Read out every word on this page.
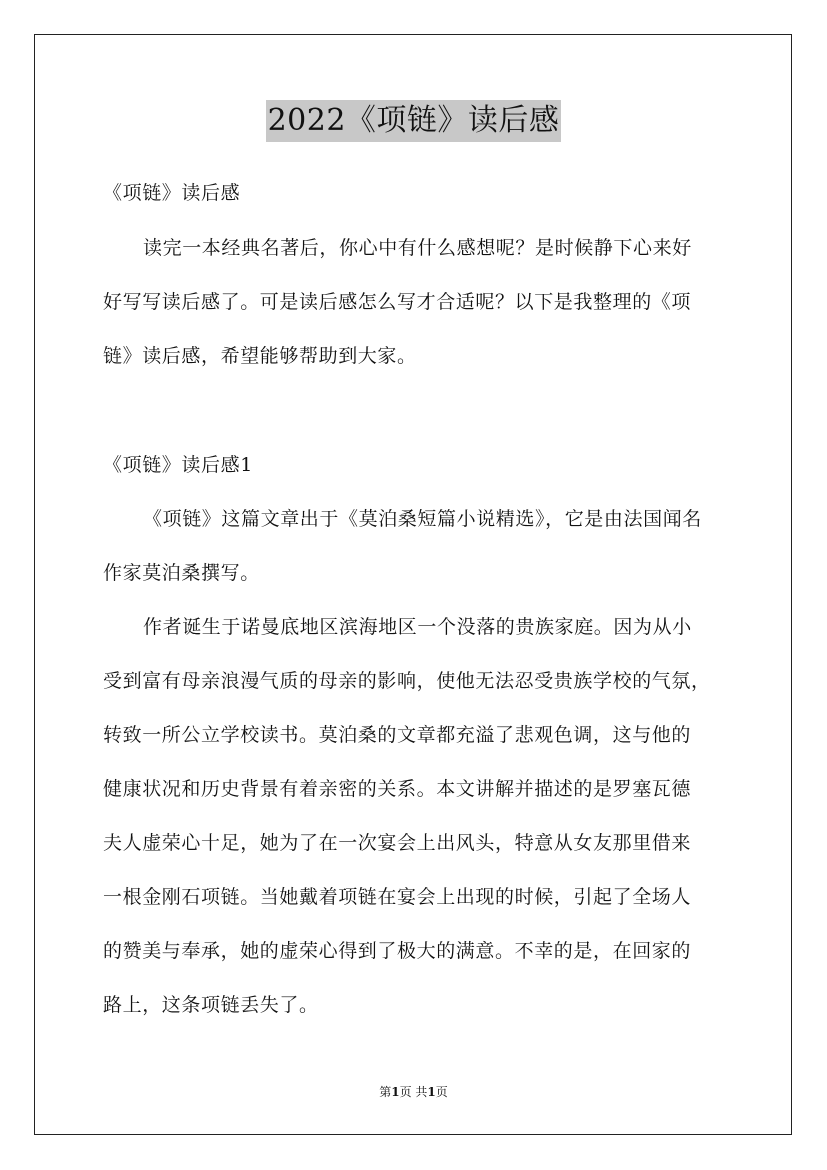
2022《项链》读后感
《项链》读后感
读完一本经典名著后，你心中有什么感想呢？是时候静下心来好
好写写读后感了。可是读后感怎么写才合适呢？以下是我整理的《项
链》读后感，希望能够帮助到大家。
《项链》读后感1
《项链》这篇文章出于《莫泊桑短篇小说精选》，它是由法国闻名
作家莫泊桑撰写。
作者诞生于诺曼底地区滨海地区一个没落的贵族家庭。因为从小
受到富有母亲浪漫气质的母亲的影响，使他无法忍受贵族学校的气氛，
转致一所公立学校读书。莫泊桑的文章都充溢了悲观色调，这与他的
健康状况和历史背景有着亲密的关系。本文讲解并描述的是罗塞瓦德
夫人虚荣心十足，她为了在一次宴会上出风头，特意从女友那里借来
一根金刚石项链。当她戴着项链在宴会上出现的时候，引起了全场人
的赞美与奉承，她的虚荣心得到了极大的满意。不幸的是，在回家的
路上，这条项链丢失了。
第1页 共1页
